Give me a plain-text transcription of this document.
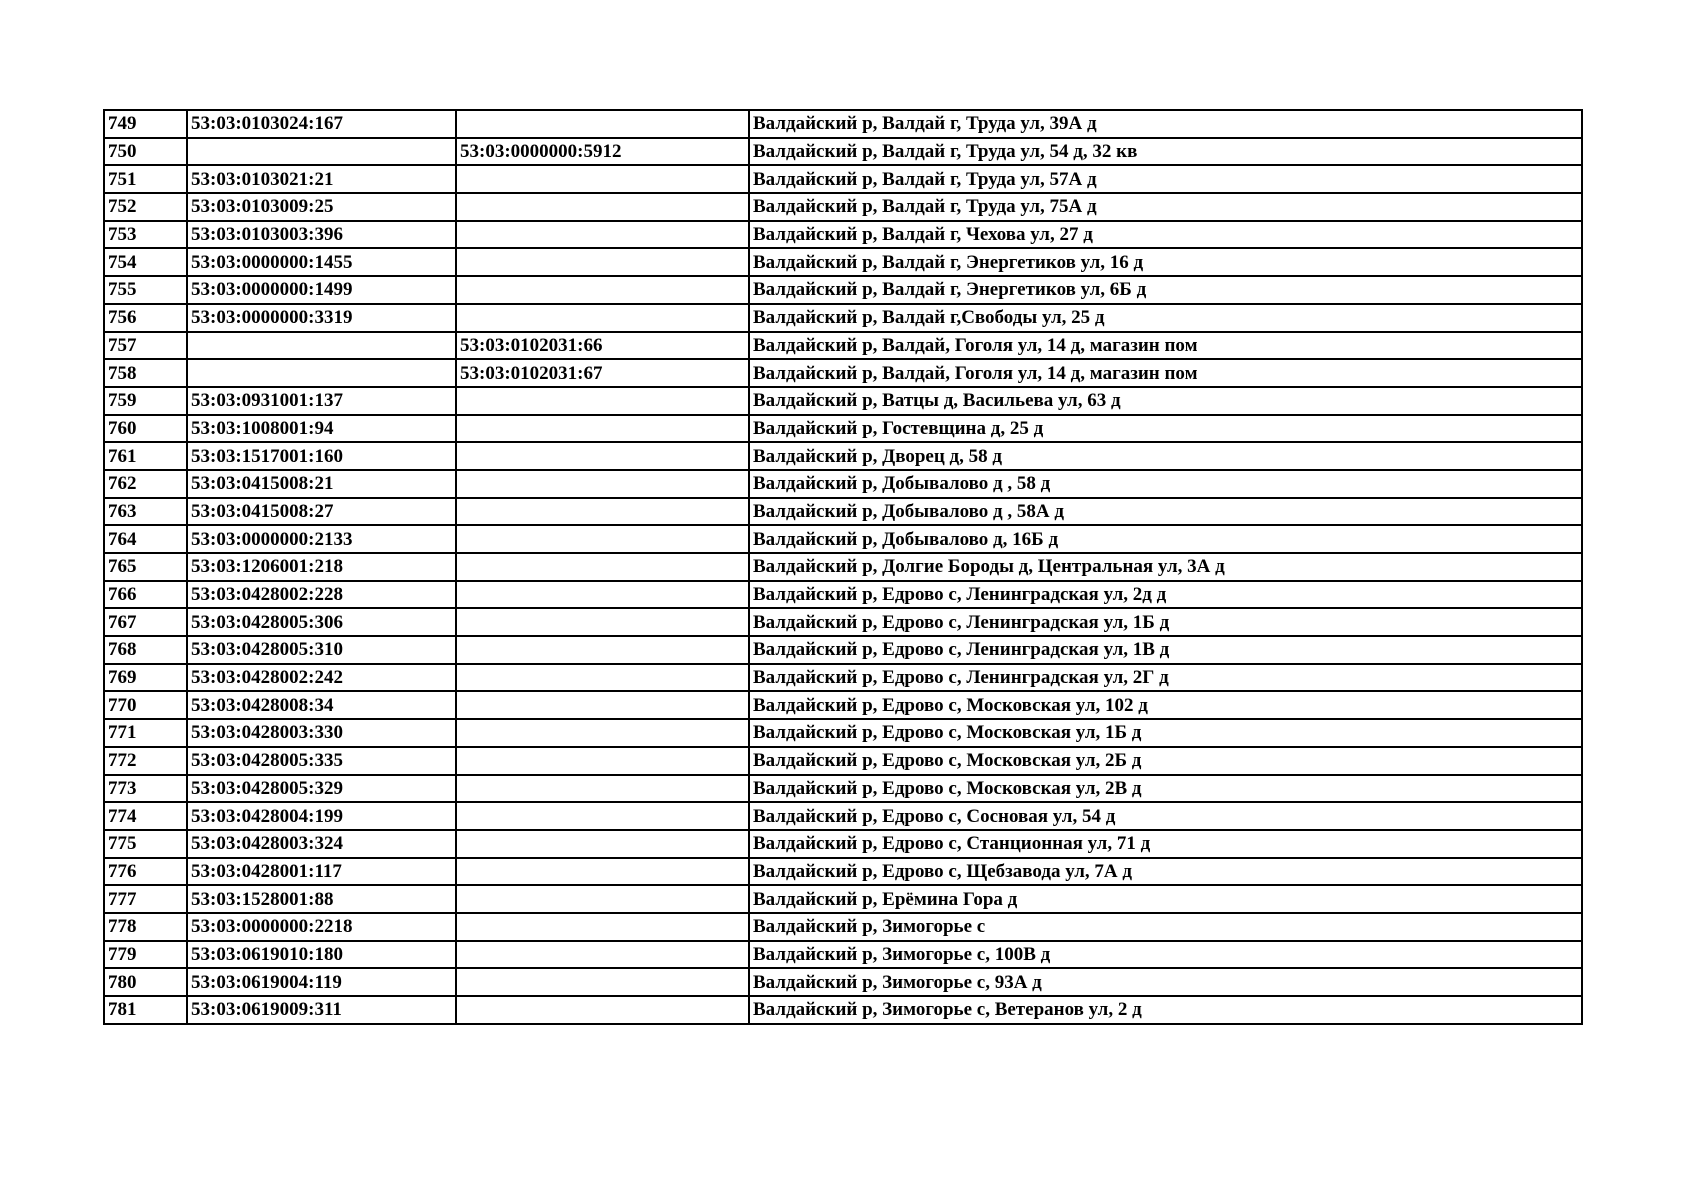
749	53:03:0103024:167		Валдайский р, Валдай г, Труда ул, 39А д
750		53:03:0000000:5912	Валдайский р, Валдай г, Труда ул, 54 д, 32 кв
751	53:03:0103021:21		Валдайский р, Валдай г, Труда ул, 57А д
752	53:03:0103009:25		Валдайский р, Валдай г, Труда ул, 75А д
753	53:03:0103003:396		Валдайский р, Валдай г, Чехова ул, 27 д
754	53:03:0000000:1455		Валдайский р, Валдай г, Энергетиков ул, 16 д
755	53:03:0000000:1499		Валдайский р, Валдай г, Энергетиков ул, 6Б д
756	53:03:0000000:3319		Валдайский р, Валдай г,Свободы ул, 25 д
757		53:03:0102031:66	Валдайский р, Валдай, Гоголя ул, 14 д, магазин пом
758		53:03:0102031:67	Валдайский р, Валдай, Гоголя ул, 14 д, магазин пом
759	53:03:0931001:137		Валдайский р, Ватцы д, Васильева ул, 63 д
760	53:03:1008001:94		Валдайский р, Гостевщина д, 25 д
761	53:03:1517001:160		Валдайский р, Дворец д, 58 д
762	53:03:0415008:21		Валдайский р, Добывалово д , 58 д
763	53:03:0415008:27		Валдайский р, Добывалово д , 58А д
764	53:03:0000000:2133		Валдайский р, Добывалово д, 16Б д
765	53:03:1206001:218		Валдайский р, Долгие Бороды д, Центральная ул, 3А д
766	53:03:0428002:228		Валдайский р, Едрово с, Ленинградская ул, 2д д
767	53:03:0428005:306		Валдайский р, Едрово с, Ленинградская ул, 1Б д
768	53:03:0428005:310		Валдайский р, Едрово с, Ленинградская ул, 1В д
769	53:03:0428002:242		Валдайский р, Едрово с, Ленинградская ул, 2Г д
770	53:03:0428008:34		Валдайский р, Едрово с, Московская ул, 102 д
771	53:03:0428003:330		Валдайский р, Едрово с, Московская ул, 1Б д
772	53:03:0428005:335		Валдайский р, Едрово с, Московская ул, 2Б д
773	53:03:0428005:329		Валдайский р, Едрово с, Московская ул, 2В д
774	53:03:0428004:199		Валдайский р, Едрово с, Сосновая ул, 54 д
775	53:03:0428003:324		Валдайский р, Едрово с, Станционная ул, 71 д
776	53:03:0428001:117		Валдайский р, Едрово с, Щебзавода ул, 7А д
777	53:03:1528001:88		Валдайский р, Ерёмина Гора д
778	53:03:0000000:2218		Валдайский р, Зимогорье с
779	53:03:0619010:180		Валдайский р, Зимогорье с, 100В д
780	53:03:0619004:119		Валдайский р, Зимогорье с, 93А д
781	53:03:0619009:311		Валдайский р, Зимогорье с, Ветеранов ул, 2 д
